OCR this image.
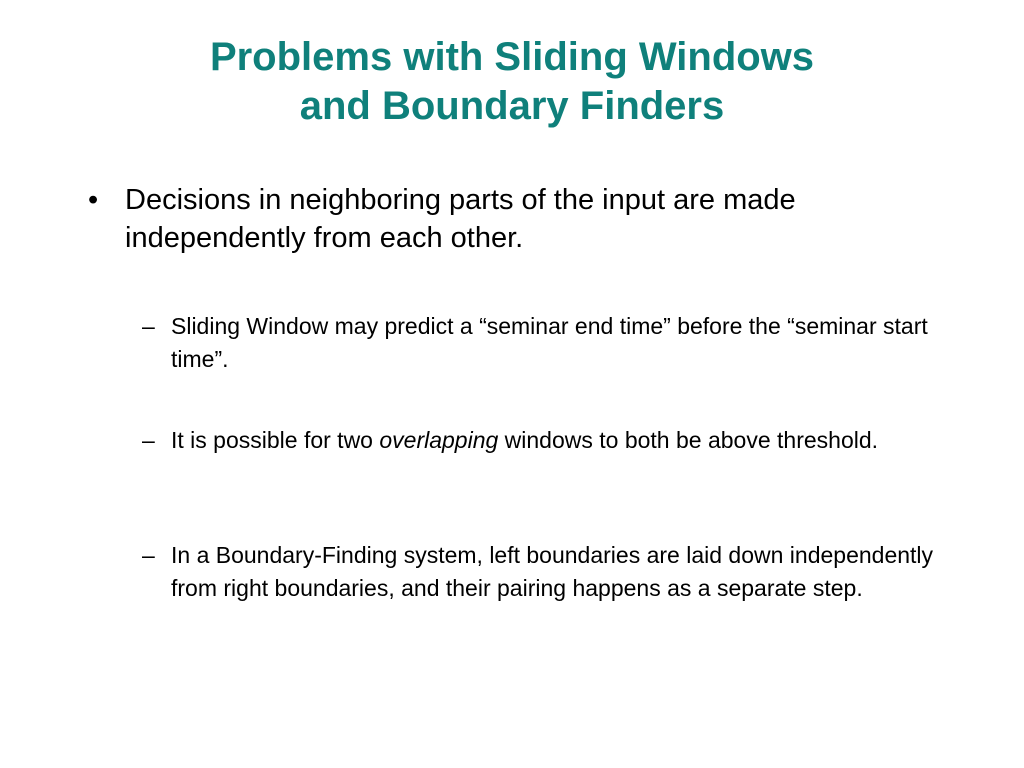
Problems with Sliding Windows
and Boundary Finders
• Decisions in neighboring parts of the input are made independently from each other.
– Sliding Window may predict a “seminar end time” before the “seminar start time”.
– It is possible for two overlapping windows to both be above threshold.
– In a Boundary-Finding system, left boundaries are laid down independently from right boundaries, and their pairing happens as a separate step.
